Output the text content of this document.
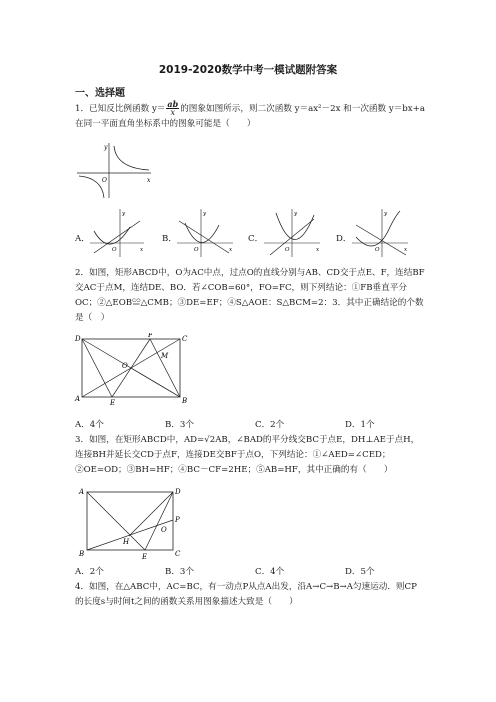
2019-2020数学中考一模试题附答案
一、选择题
1．已知反比例函数 $y= \frac{ab}{x}$ 的图象如图所示，则二次函数 y＝ax²－2x 和一次函数 y＝bx+a
在同一平面直角坐标系中的图象可能是（　　）
y
x
O
A．
y
x
O
B．
y
x
O
C．
y
x
O
D．
y
x
O
2．如图，矩形ABCD中，O为AC中点，过点O的直线分别与AB、CD交于点E、F，连结BF交AC于点M，连结DE、BO．若∠COB=60°，FO=FC，则下列结论：①FB垂直平分OC；②△EOB≌△CMB；③DE=EF；④S△AOE：S△BCM=2：3．其中正确结论的个数是（　）
D	F	C
O
M
A	E	B
A．4个	B．3个	C．2个	D．1个
3．如图，在矩形ABCD中，AD=√2AB，∠BAD的平分线交BC于点E，DH⊥AE于点H，连接BH并延长交CD于点F，连接DE交BF于点O，下列结论：①∠AED=∠CED；②OE=OD；③BH=HF；④BC－CF=2HE；⑤AB=HF，其中正确的有（　　）
A	D
P
O
H
B	E	C
A．2个	B．3个	C．4个	D．5个
4．如图，在△ABC中，AC=BC，有一动点P从点A出发，沿A→C→B→A匀速运动．则CP的长度s与时间t之间的函数关系用图象描述大致是（　　）
